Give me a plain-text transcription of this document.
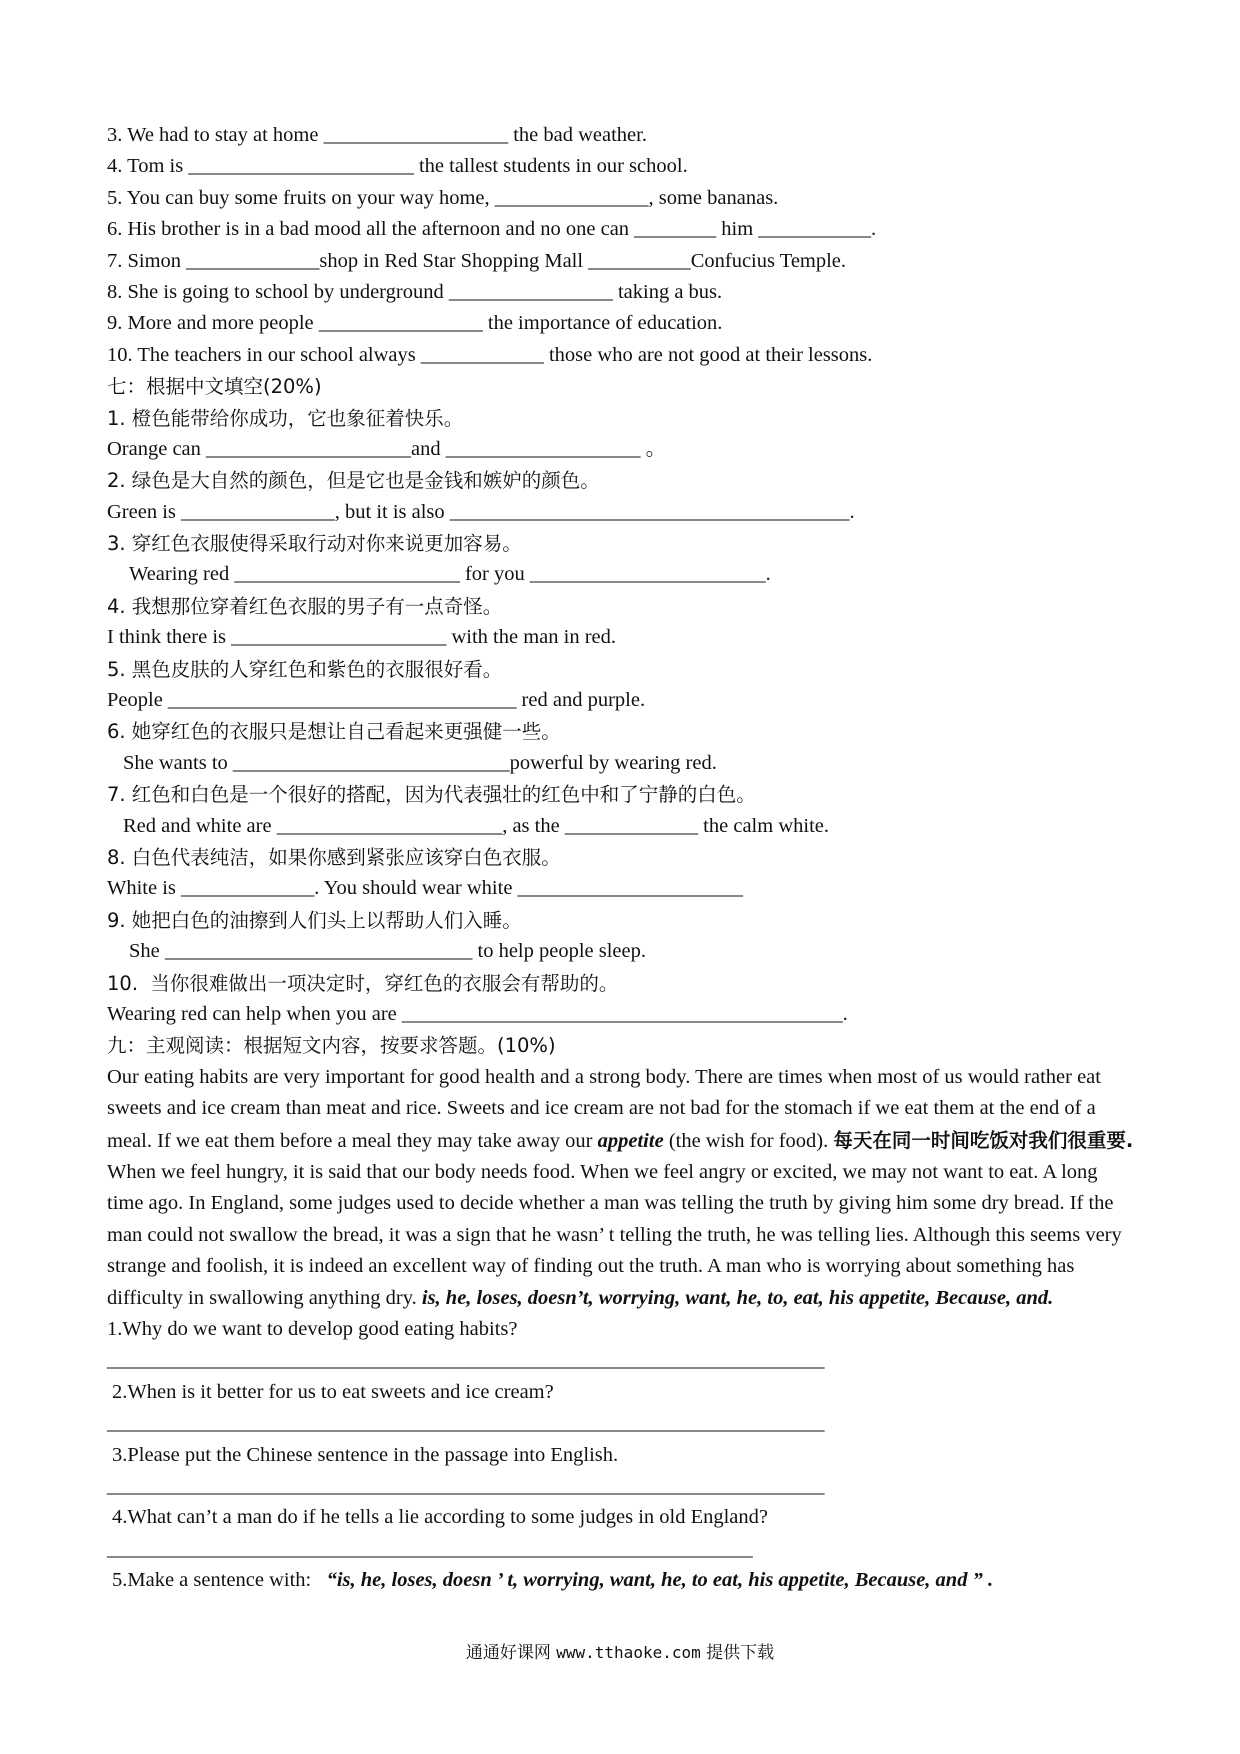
3. We had to stay at home __________________ the bad weather.
4. Tom is ______________________ the tallest students in our school.
5. You can buy some fruits on your way home, _______________, some bananas.
6. His brother is in a bad mood all the afternoon and no one can ________ him ___________.
7. Simon _____________shop in Red Star Shopping Mall __________Confucius Temple.
8. She is going to school by underground ________________ taking a bus.
9. More and more people ________________ the importance of education.
10. The teachers in our school always ____________ those who are not good at their lessons.
七：根据中文填空(20%)
1. 橙色能带给你成功，它也象征着快乐。
Orange can ____________________and ___________________ 。
2. 绿色是大自然的颜色，但是它也是金钱和嫉妒的颜色。
Green is _______________, but it is also _______________________________________.
3. 穿红色衣服使得采取行动对你来说更加容易。
Wearing red ______________________ for you _______________________.
4. 我想那位穿着红色衣服的男子有一点奇怪。
I think there is _____________________ with the man in red.
5. 黑色皮肤的人穿红色和紫色的衣服很好看。
People __________________________________ red and purple.
6. 她穿红色的衣服只是想让自己看起来更强健一些。
She wants to ___________________________powerful by wearing red.
7. 红色和白色是一个很好的搭配，因为代表强壮的红色中和了宁静的白色。
Red and white are ______________________, as the _____________ the calm white.
8. 白色代表纯洁，如果你感到紧张应该穿白色衣服。
White is _____________. You should wear white ______________________
9. 她把白色的油擦到人们头上以帮助人们入睡。
She ______________________________ to help people sleep.
10.  当你很难做出一项决定时，穿红色的衣服会有帮助的。
Wearing red can help when you are ___________________________________________.
九：主观阅读：根据短文内容，按要求答题。(10%)
Our eating habits are very important for good health and a strong body. There are times when most of us would rather eat sweets and ice cream than meat and rice. Sweets and ice cream are not bad for the stomach if we eat them at the end of a meal. If we eat them before a meal they may take away our appetite (the wish for food). 每天在同一时间吃饭对我们很重要. When we feel hungry, it is said that our body needs food. When we feel angry or excited, we may not want to eat. A long time ago. In England, some judges used to decide whether a man was telling the truth by giving him some dry bread. If the man could not swallow the bread, it was a sign that he wasn’ t telling the truth, he was telling lies. Although this seems very strange and foolish, it is indeed an excellent way of finding out the truth. A man who is worrying about something has difficulty in swallowing anything dry. is, he, loses, doesn’t, worrying, want, he, to, eat, his appetite, Because, and.
1.Why do we want to develop good eating habits?
______________________________________________________________________
2.When is it better for us to eat sweets and ice cream?
______________________________________________________________________
3.Please put the Chinese sentence in the passage into English.
______________________________________________________________________
4.What can’t a man do if he tells a lie according to some judges in old England?
_______________________________________________________________
5.Make a sentence with:   “is, he, loses, doesn ’ t, worrying, want, he, to eat, his appetite, Because, and ” .
通通好课网 www.tthaoke.com 提供下载
